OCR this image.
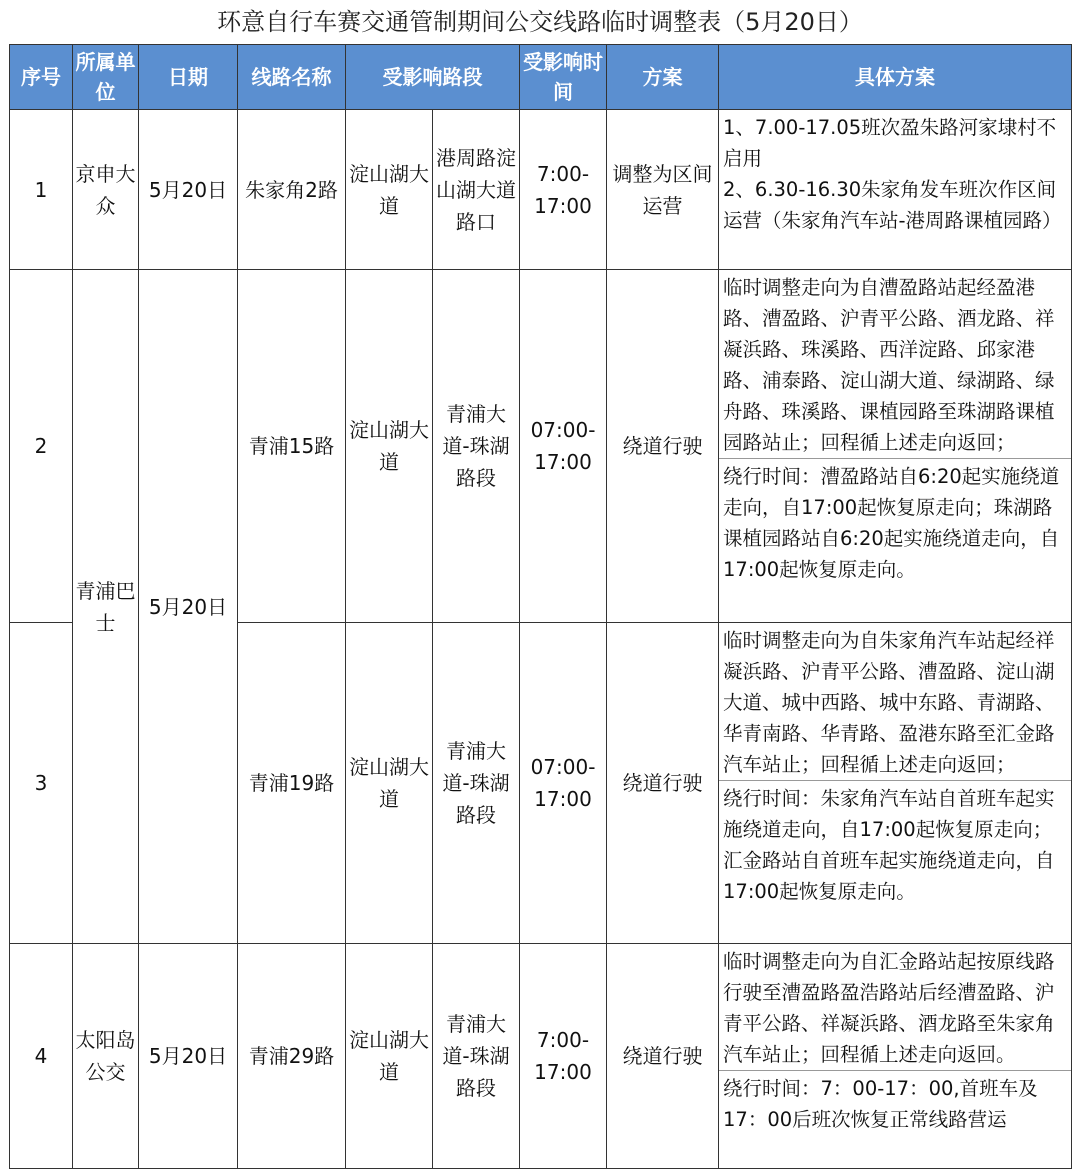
环意自行车赛交通管制期间公交线路临时调整表（5月20日）
序号	所属单位	日期	线路名称	受影响路段		受影响时间	方案	具体方案
1	京申大众	5月20日	朱家角2路	淀山湖大道	港周路淀山湖大道路口	7:00-17:00	调整为区间运营	1、7.00-17.05班次盈朱路河家埭村不启用
2、6.30-16.30朱家角发车班次作区间运营（朱家角汽车站-港周路课植园路）

2	青浦巴士	5月20日	青浦15路	淀山湖大道	青浦大道-珠湖路段	07:00-17:00	绕道行驶	临时调整走向为自漕盈路站起经盈港路、漕盈路、沪青平公路、酒龙路、祥凝浜路、珠溪路、西洋淀路、邱家港路、浦泰路、淀山湖大道、绿湖路、绿舟路、珠溪路、课植园路至珠湖路课植园路站止；回程循上述走向返回；
绕行时间：漕盈路站自6:20起实施绕道走向，自17:00起恢复原走向；珠湖路课植园路站自6:20起实施绕道走向，自17:00起恢复原走向。

3			青浦19路	淀山湖大道	青浦大道-珠湖路段	07:00-17:00	绕道行驶	临时调整走向为自朱家角汽车站起经祥凝浜路、沪青平公路、漕盈路、淀山湖大道、城中西路、城中东路、青湖路、华青南路、华青路、盈港东路至汇金路汽车站止；回程循上述走向返回；
绕行时间：朱家角汽车站自首班车起实施绕道走向，自17:00起恢复原走向；汇金路站自首班车起实施绕道走向，自17:00起恢复原走向。

4	太阳岛公交	5月20日	青浦29路	淀山湖大道	青浦大道-珠湖路段	7:00-17:00	绕道行驶	临时调整走向为自汇金路站起按原线路行驶至漕盈路盈浩路站后经漕盈路、沪青平公路、祥凝浜路、酒龙路至朱家角汽车站止；回程循上述走向返回。
绕行时间：7：00-17：00,首班车及17：00后班次恢复正常线路营运
